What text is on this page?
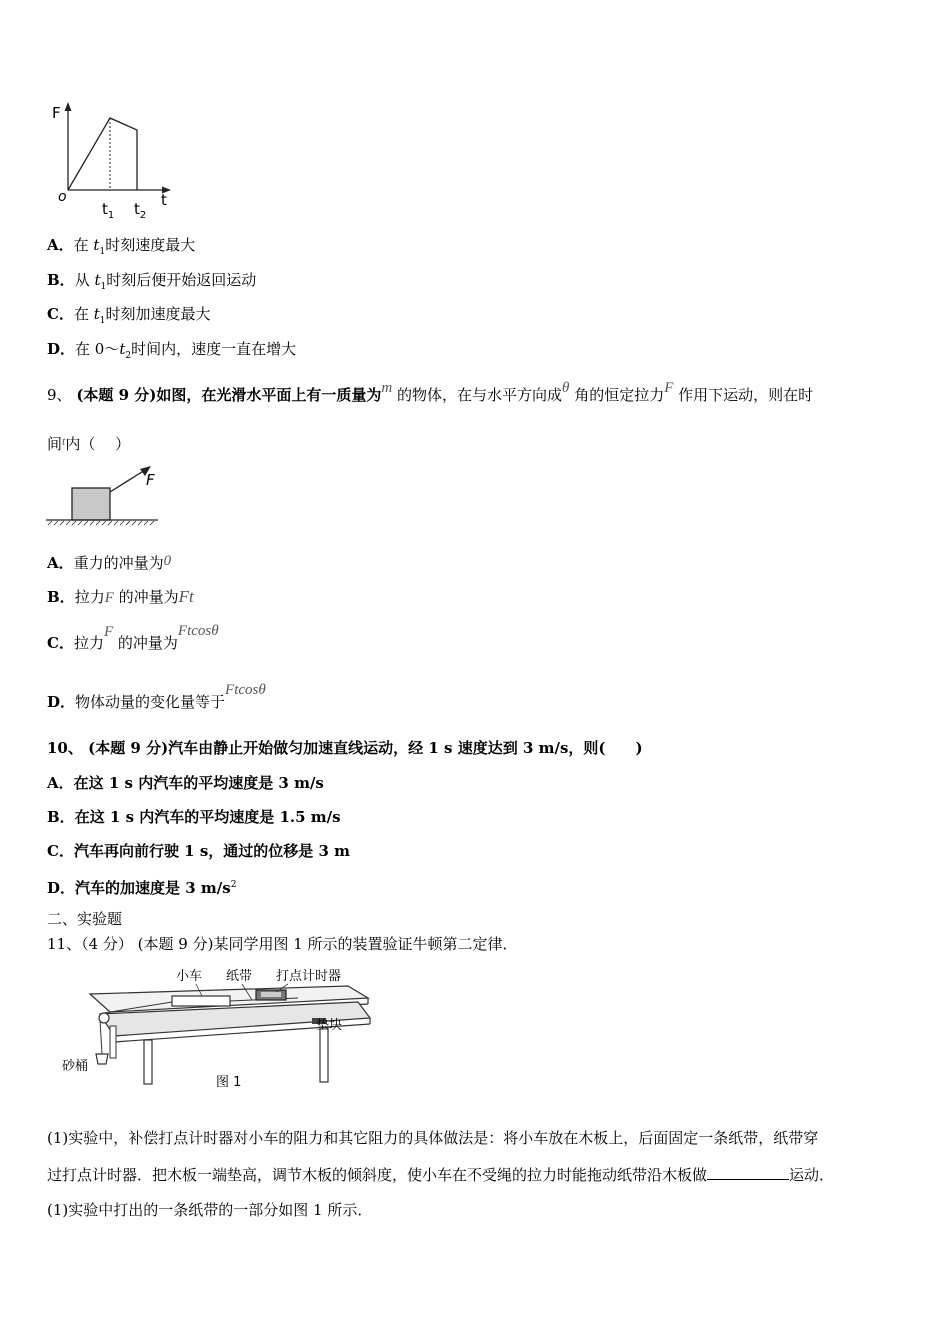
F
o
$t_1$ $t_2$
t
A．在 $t_1$时刻速度最大
B．从 $t_1$时刻后便开始返回运动
C．在 $t_1$时刻加速度最大
D．在 $0\sim t_2$时间内，速度一直在增大
9、 (本题 9 分)如图，在光滑水平面上有一质量为m 的物体，在与水平方向成θ 角的恒定拉力F 作用下运动，则在时
间$^t$内（　 ）
F
A．重力的冲量为0
B．拉力F 的冲量为Ft
C．拉力F 的冲量为Ftcosθ
D．物体动量的变化量等于Ftcosθ
10、 (本题 9 分)汽车由静止开始做匀加速直线运动，经 1 s 速度达到 3 m/s，则(　　)
A．在这 1 s 内汽车的平均速度是 3 m/s
B．在这 1 s 内汽车的平均速度是 1.5 m/s
C．汽车再向前行驶 1 s，通过的位移是 3 m
D．汽车的加速度是 3 $m/s^2$
二、实验题
11、（4 分） (本题 9 分)某同学用图 1 所示的装置验证牛顿第二定律．
小车 纸带 打点计时器
垫块
砂桶
图 1
(1)实验中，补偿打点计时器对小车的阻力和其它阻力的具体做法是：将小车放在木板上，后面固定一条纸带，纸带穿
过打点计时器．把木板一端垫高，调节木板的倾斜度，使小车在不受绳的拉力时能拖动纸带沿木板做	运动．
(1)实验中打出的一条纸带的一部分如图 1 所示．
